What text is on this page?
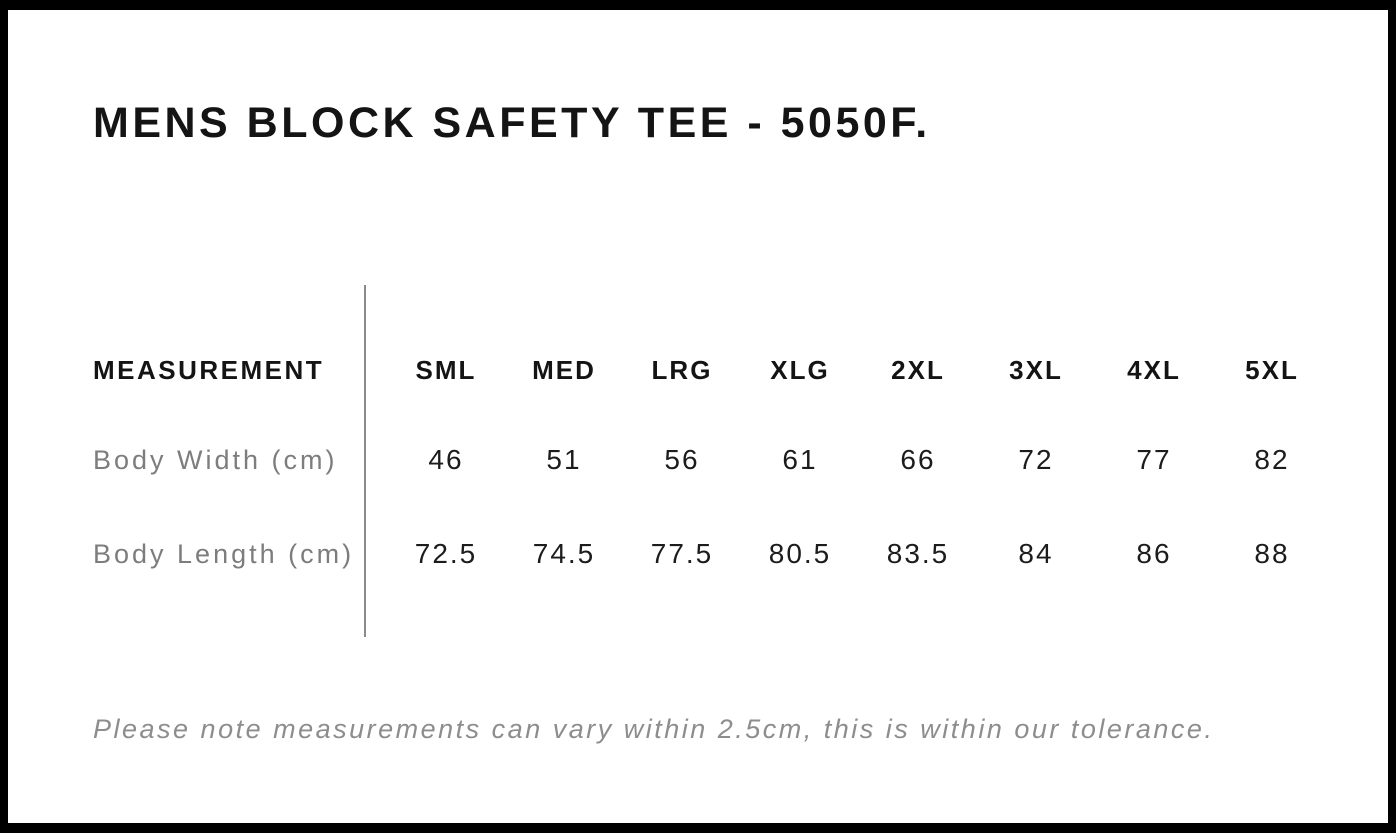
MENS BLOCK SAFETY TEE - 5050F.
MEASUREMENT	SML	MED	LRG	XLG	2XL	3XL	4XL	5XL
Body Width (cm)	46	51	56	61	66	72	77	82
Body Length (cm)	72.5	74.5	77.5	80.5	83.5	84	86	88
Please note measurements can vary within 2.5cm, this is within our tolerance.
